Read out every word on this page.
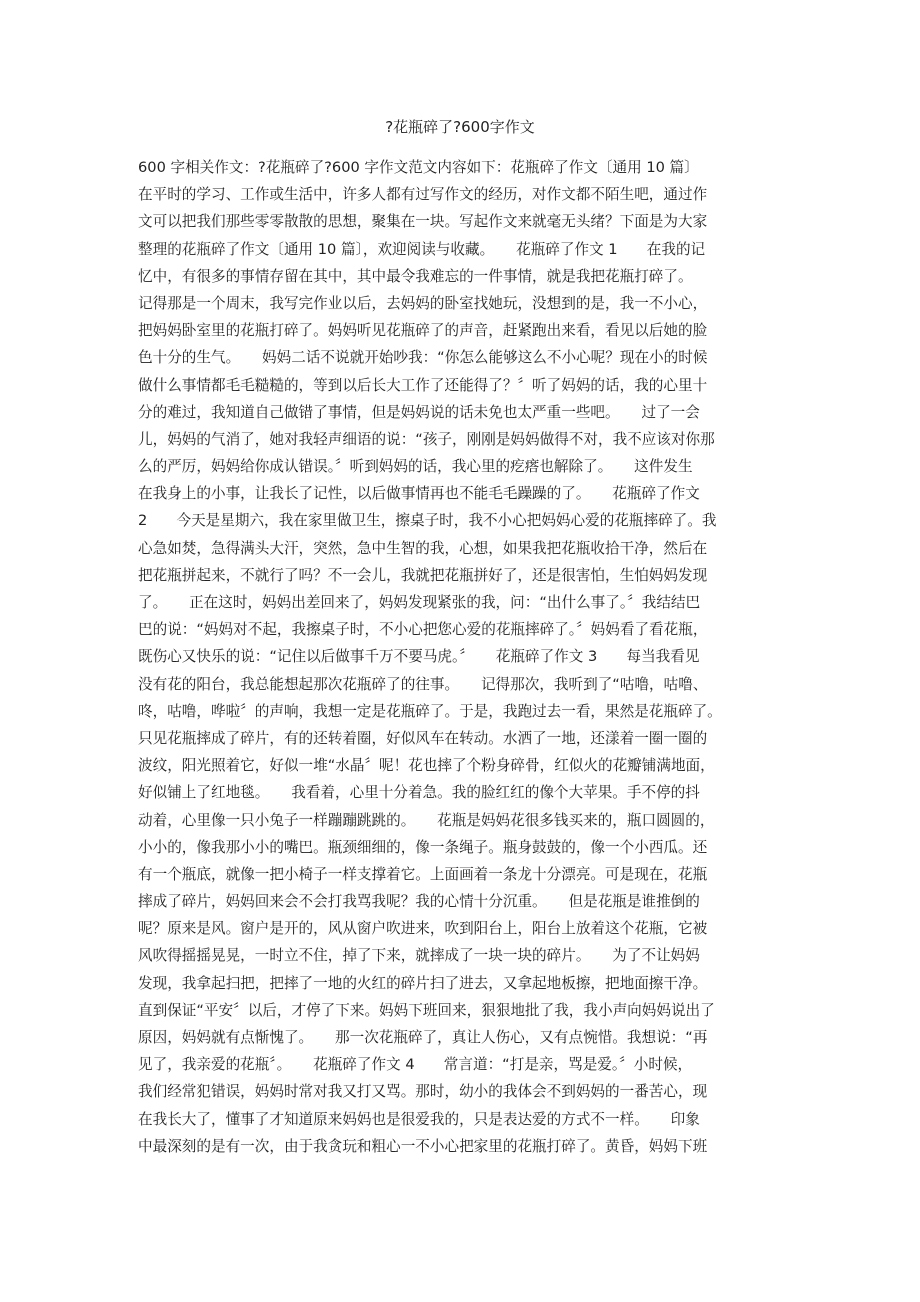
?花瓶碎了?600字作文
600 字相关作文：?花瓶碎了?600 字作文范文内容如下：花瓶碎了作文〔通用 10 篇〕
在平时的学习、工作或生活中，许多人都有过写作文的经历，对作文都不陌生吧，通过作
文可以把我们那些零零散散的思想，聚集在一块。写起作文来就毫无头绪？下面是为大家
整理的花瓶碎了作文〔通用 10 篇〕，欢迎阅读与收藏。　　花瓶碎了作文 1　　在我的记
忆中，有很多的事情存留在其中，其中最令我难忘的一件事情，就是我把花瓶打碎了。
记得那是一个周末，我写完作业以后，去妈妈的卧室找她玩，没想到的是，我一不小心，
把妈妈卧室里的花瓶打碎了。妈妈听见花瓶碎了的声音，赶紧跑出来看，看见以后她的脸
色十分的生气。　　妈妈二话不说就开始吵我：“你怎么能够这么不小心呢？现在小的时候
做什么事情都毛毛糙糙的，等到以后长大工作了还能得了？〞听了妈妈的话，我的心里十
分的难过，我知道自己做错了事情，但是妈妈说的话未免也太严重一些吧。　　过了一会
儿，妈妈的气消了，她对我轻声细语的说：“孩子，刚刚是妈妈做得不对，我不应该对你那
么的严厉，妈妈给你成认错误。〞听到妈妈的话，我心里的疙瘩也解除了。　　这件发生
在我身上的小事，让我长了记性，以后做事情再也不能毛毛躁躁的了。　　花瓶碎了作文
2　　今天是星期六，我在家里做卫生，擦桌子时，我不小心把妈妈心爱的花瓶摔碎了。我
心急如焚，急得满头大汗，突然，急中生智的我，心想，如果我把花瓶收拾干净，然后在
把花瓶拼起来，不就行了吗？不一会儿，我就把花瓶拼好了，还是很害怕，生怕妈妈发现
了。　　正在这时，妈妈出差回来了，妈妈发现紧张的我，问：“出什么事了。〞我结结巴
巴的说：“妈妈对不起，我擦桌子时，不小心把您心爱的花瓶摔碎了。〞妈妈看了看花瓶，
既伤心又快乐的说：“记住以后做事千万不要马虎。〞　　花瓶碎了作文 3　　每当我看见
没有花的阳台，我总能想起那次花瓶碎了的往事。　　记得那次，我听到了“咕噜，咕噜、
咚，咕噜，哗啦〞的声响，我想一定是花瓶碎了。于是，我跑过去一看，果然是花瓶碎了。
只见花瓶摔成了碎片，有的还转着圈，好似风车在转动。水洒了一地，还漾着一圈一圈的
波纹，阳光照着它，好似一堆“水晶〞呢！花也摔了个粉身碎骨，红似火的花瓣铺满地面，
好似铺上了红地毯。　　我看着，心里十分着急。我的脸红红的像个大苹果。手不停的抖
动着，心里像一只小兔子一样蹦蹦跳跳的。　　花瓶是妈妈花很多钱买来的，瓶口圆圆的，
小小的，像我那小小的嘴巴。瓶颈细细的，像一条绳子。瓶身鼓鼓的，像一个小西瓜。还
有一个瓶底，就像一把小椅子一样支撑着它。上面画着一条龙十分漂亮。可是现在，花瓶
摔成了碎片，妈妈回来会不会打我骂我呢？我的心情十分沉重。　　但是花瓶是谁推倒的
呢？原来是风。窗户是开的，风从窗户吹进来，吹到阳台上，阳台上放着这个花瓶，它被
风吹得摇摇晃晃，一时立不住，掉了下来，就摔成了一块一块的碎片。　　为了不让妈妈
发现，我拿起扫把，把摔了一地的火红的碎片扫了进去，又拿起地板擦，把地面擦干净。
直到保证“平安〞以后，才停了下来。妈妈下班回来，狠狠地批了我，我小声向妈妈说出了
原因，妈妈就有点惭愧了。　　那一次花瓶碎了，真让人伤心，又有点惋惜。我想说：“再
见了，我亲爱的花瓶〞。　　花瓶碎了作文 4　　常言道：“打是亲，骂是爱。〞小时候，
我们经常犯错误，妈妈时常对我又打又骂。那时，幼小的我体会不到妈妈的一番苦心，现
在我长大了，懂事了才知道原来妈妈也是很爱我的，只是表达爱的方式不一样。　　印象
中最深刻的是有一次，由于我贪玩和粗心一不小心把家里的花瓶打碎了。黄昏，妈妈下班
